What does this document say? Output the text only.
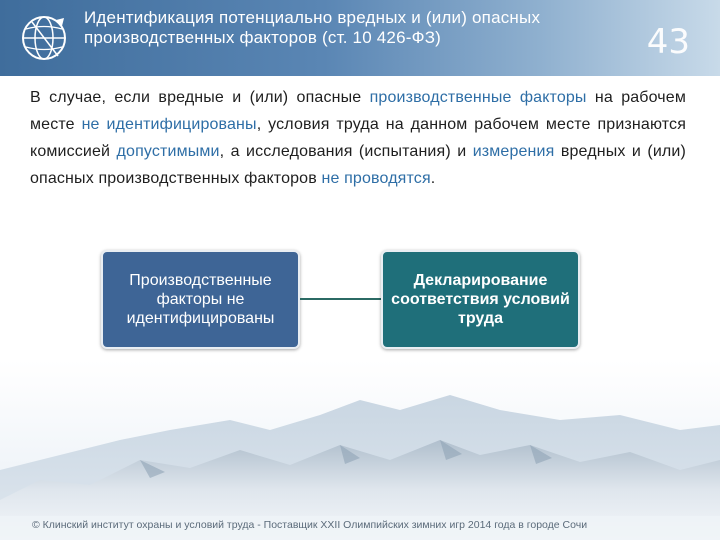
Идентификация потенциально вредных и (или) опасных производственных факторов (ст. 10 426-ФЗ)	43

В случае, если вредные и (или) опасные производственные факторы на рабочем месте не идентифицированы, условия труда на данном рабочем месте признаются комиссией допустимыми, а исследования (испытания) и измерения вредных и (или) опасных производственных факторов не проводятся.

Производственные факторы не идентифицированы
Декларирование соответствия условий труда
© Клинский институт охраны и условий труда - Поставщик XXII Олимпийских зимних игр 2014 года в городе Сочи
